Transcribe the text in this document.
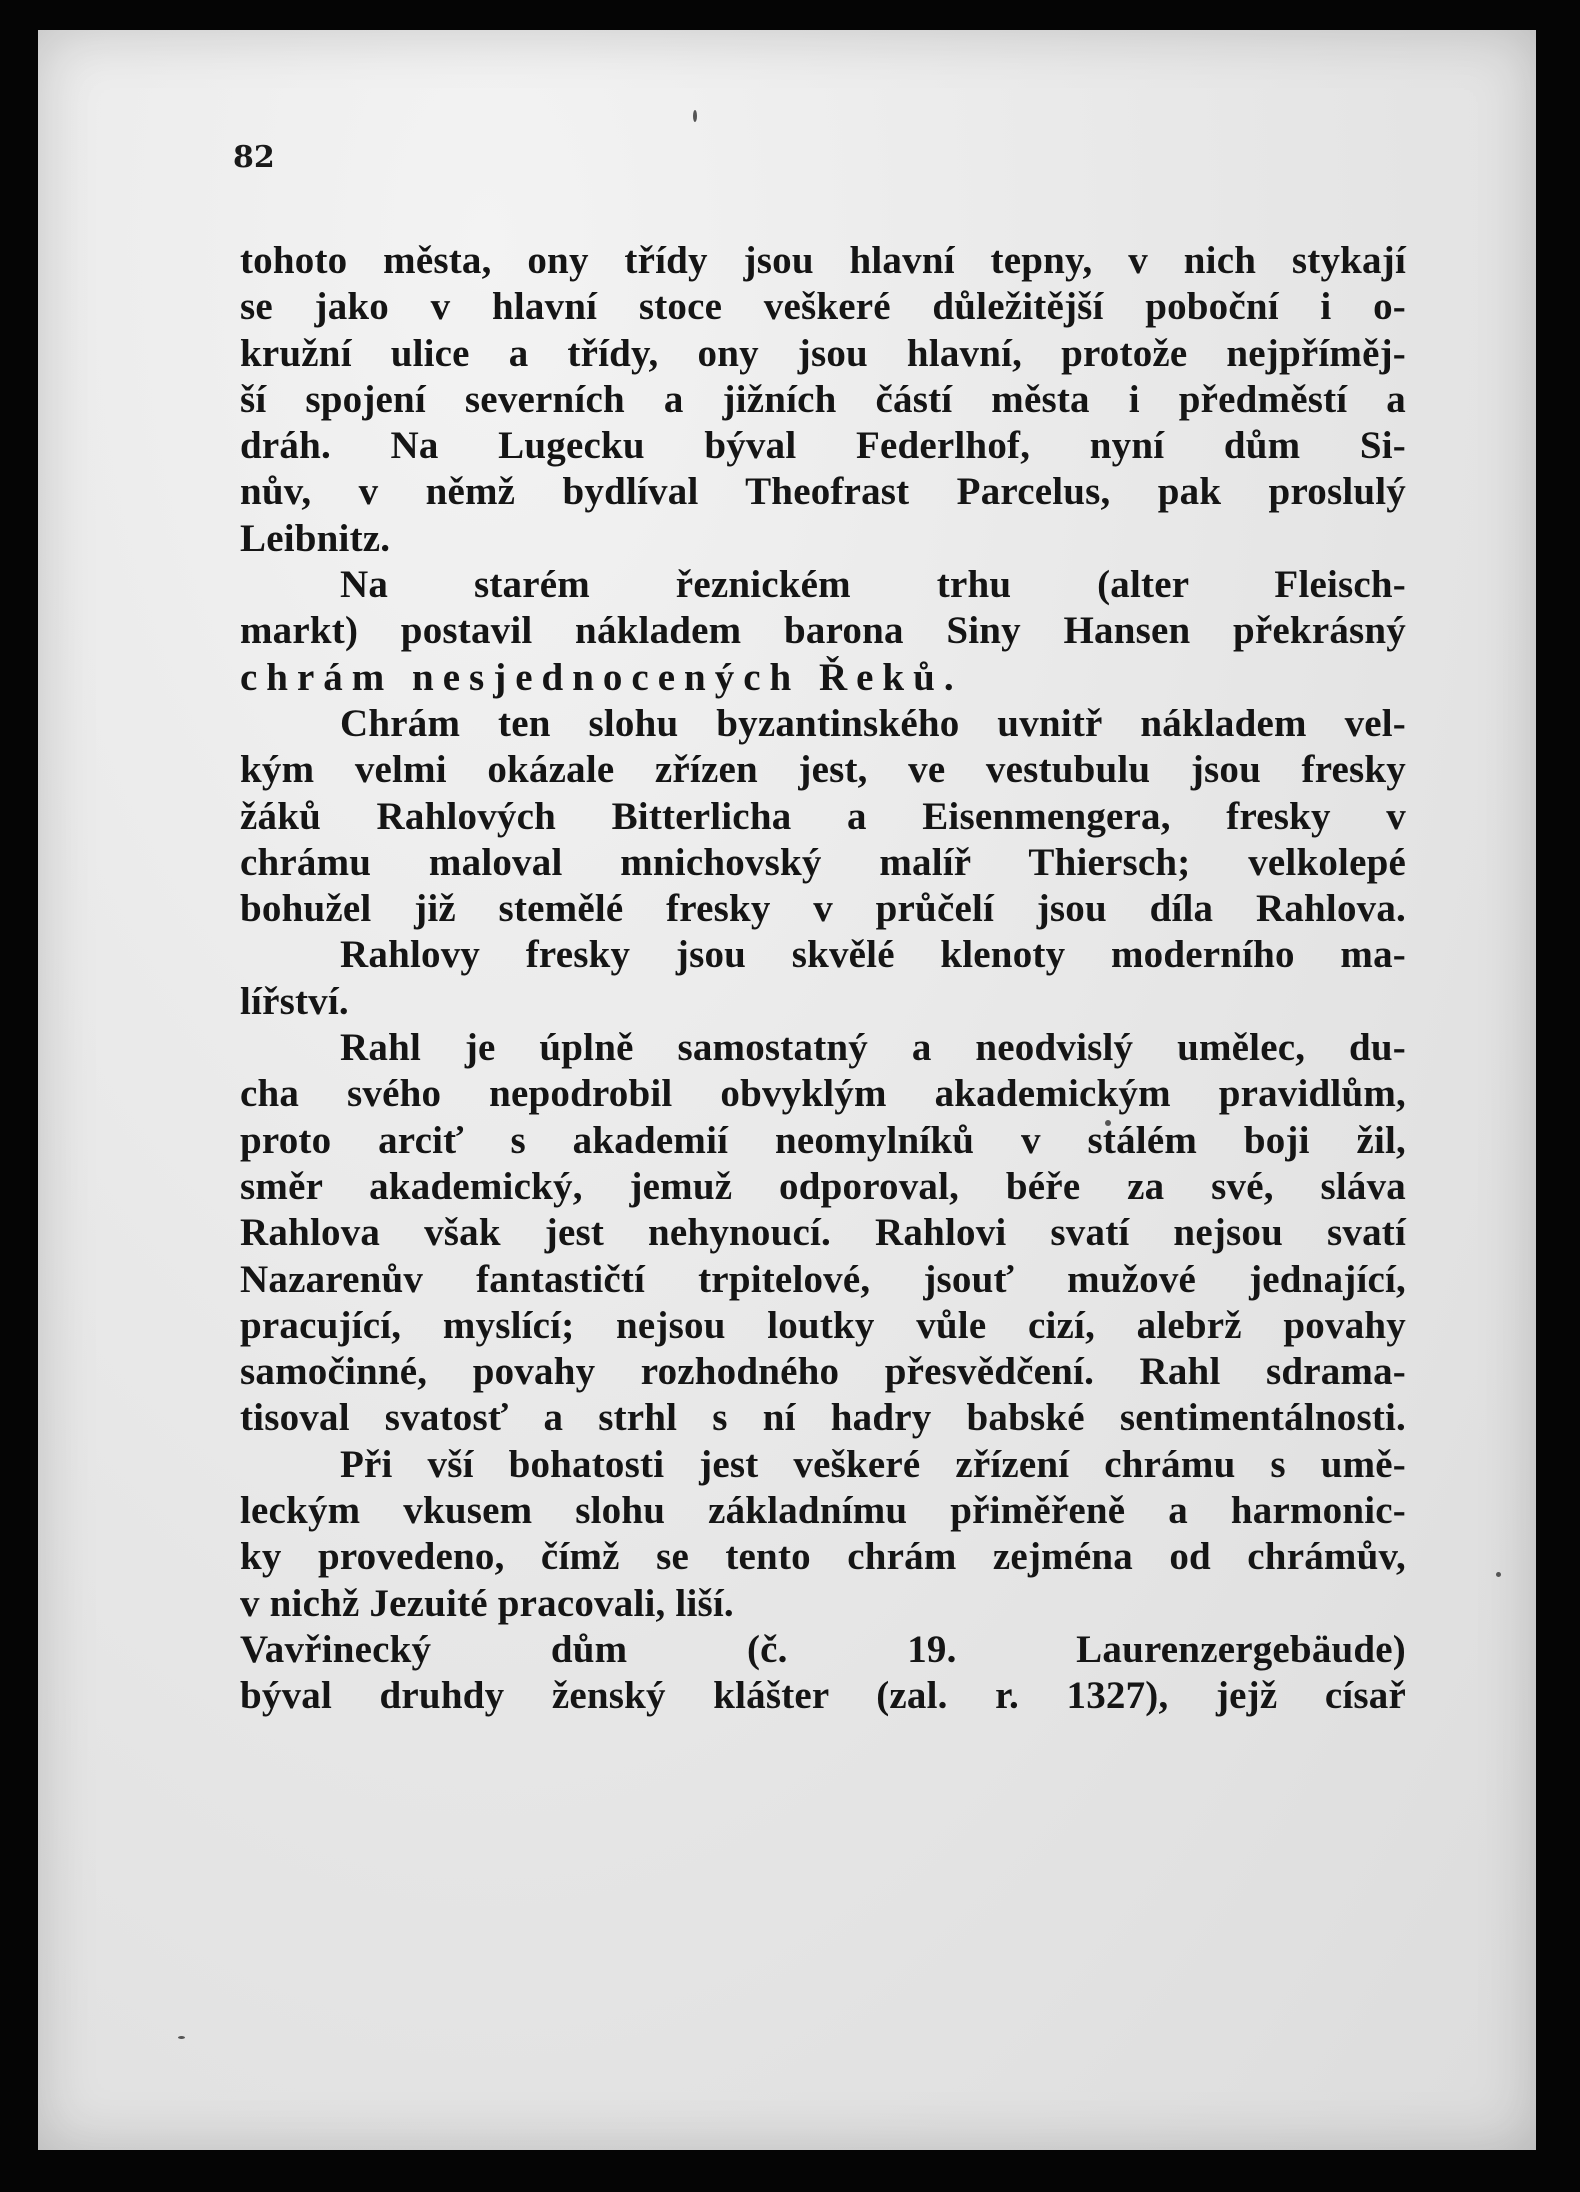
82

tohoto města, ony třídy jsou hlavní tepny, v nich stykají
se jako v hlavní stoce veškeré důležitější poboční i o-
kružní ulice a třídy, ony jsou hlavní, protože nejpříměj-
ší spojení severních a jižních částí města i předměstí a
dráh. Na Lugecku býval Federlhof, nyní dům Si-
nův, v němž bydlíval Theofrast Parcelus, pak proslulý
Leibnitz.
Na starém řeznickém trhu (alter Fleisch-
markt) postavil nákladem barona Siny Hansen překrásný
chrám nesjednocených Řeků.
Chrám ten slohu byzantinského uvnitř nákladem vel-
kým velmi okázale zřízen jest, ve vestubulu jsou fresky
žáků Rahlových Bitterlicha a Eisenmengera, fresky v
chrámu maloval mnichovský malíř Thiersch; velkolepé
bohužel již stemělé fresky v průčelí jsou díla Rahlova.
Rahlovy fresky jsou skvělé klenoty moderního ma-
lířství.
Rahl je úplně samostatný a neodvislý umělec, du-
cha svého nepodrobil obvyklým akademickým pravidlům,
proto arciť s akademií neomylníků v stálém boji žil,
směr akademický, jemuž odporoval, béře za své, sláva
Rahlova však jest nehynoucí. Rahlovi svatí nejsou svatí
Nazarenův fantastičtí trpitelové, jsouť mužové jednající,
pracující, myslící; nejsou loutky vůle cizí, alebrž povahy
samočinné, povahy rozhodného přesvědčení. Rahl sdrama-
tisoval svatosť a strhl s ní hadry babské sentimentálnosti.
Při vší bohatosti jest veškeré zřízení chrámu s umě-
leckým vkusem slohu základnímu přiměřeně a harmonic-
ky provedeno, čímž se tento chrám zejména od chrámův,
v nichž Jezuité pracovali, liší.
Vavřinecký dům (č. 19. Laurenzergebäude)
býval druhdy ženský klášter (zal. r. 1327), jejž císař
